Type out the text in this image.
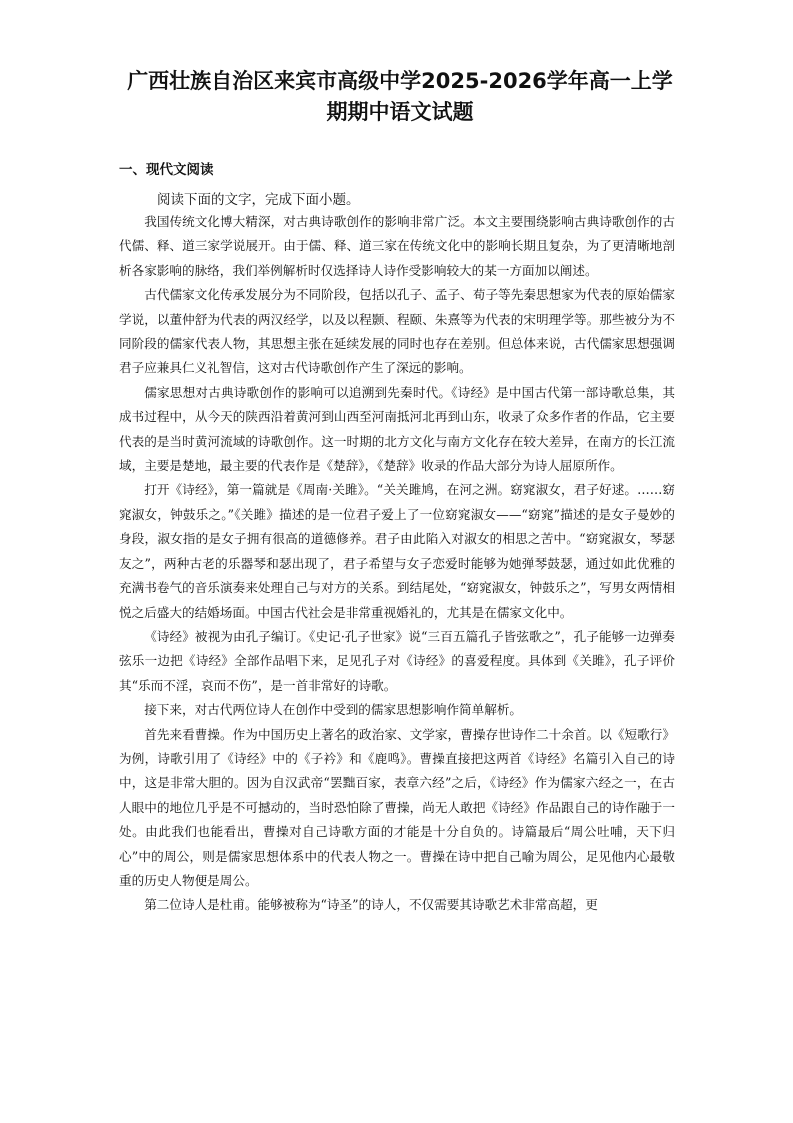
广西壮族自治区来宾市高级中学2025-2026学年高一上学
期期中语文试题
一、现代文阅读
阅读下面的文字，完成下面小题。

我国传统文化博大精深，对古典诗歌创作的影响非常广泛。本文主要围绕影响古典诗歌创作的古代儒、释、道三家学说展开。由于儒、释、道三家在传统文化中的影响长期且复杂，为了更清晰地剖析各家影响的脉络，我们举例解析时仅选择诗人诗作受影响较大的某一方面加以阐述。

古代儒家文化传承发展分为不同阶段，包括以孔子、孟子、荀子等先秦思想家为代表的原始儒家学说，以董仲舒为代表的两汉经学，以及以程颢、程颐、朱熹等为代表的宋明理学等。那些被分为不同阶段的儒家代表人物，其思想主张在延续发展的同时也存在差别。但总体来说，古代儒家思想强调君子应兼具仁义礼智信，这对古代诗歌创作产生了深远的影响。

儒家思想对古典诗歌创作的影响可以追溯到先秦时代。《诗经》是中国古代第一部诗歌总集，其成书过程中，从今天的陕西沿着黄河到山西至河南抵河北再到山东，收录了众多作者的作品，它主要代表的是当时黄河流域的诗歌创作。这一时期的北方文化与南方文化存在较大差异，在南方的长江流域，主要是楚地，最主要的代表作是《楚辞》，《楚辞》收录的作品大部分为诗人屈原所作。

打开《诗经》，第一篇就是《周南·关雎》。“关关雎鸠，在河之洲。窈窕淑女，君子好逑。……窈窕淑女，钟鼓乐之。”《关雎》描述的是一位君子爱上了一位窈窕淑女——“窈窕”描述的是女子曼妙的身段，淑女指的是女子拥有很高的道德修养。君子由此陷入对淑女的相思之苦中。“窈窕淑女，琴瑟友之”，两种古老的乐器琴和瑟出现了，君子希望与女子恋爱时能够为她弹琴鼓瑟，通过如此优雅的充满书卷气的音乐演奏来处理自己与对方的关系。到结尾处，“窈窕淑女，钟鼓乐之”，写男女两情相悦之后盛大的结婚场面。中国古代社会是非常重视婚礼的，尤其是在儒家文化中。

《诗经》被视为由孔子编订。《史记·孔子世家》说“三百五篇孔子皆弦歌之”，孔子能够一边弹奏弦乐一边把《诗经》全部作品唱下来，足见孔子对《诗经》的喜爱程度。具体到《关雎》，孔子评价其“乐而不淫，哀而不伤”，是一首非常好的诗歌。

接下来，对古代两位诗人在创作中受到的儒家思想影响作简单解析。

首先来看曹操。作为中国历史上著名的政治家、文学家，曹操存世诗作二十余首。以《短歌行》为例，诗歌引用了《诗经》中的《子衿》和《鹿鸣》。曹操直接把这两首《诗经》名篇引入自己的诗中，这是非常大胆的。因为自汉武帝“罢黜百家，表章六经”之后，《诗经》作为儒家六经之一，在古人眼中的地位几乎是不可撼动的，当时恐怕除了曹操，尚无人敢把《诗经》作品跟自己的诗作融于一处。由此我们也能看出，曹操对自己诗歌方面的才能是十分自负的。诗篇最后“周公吐哺，天下归心”中的周公，则是儒家思想体系中的代表人物之一。曹操在诗中把自己喻为周公，足见他内心最敬重的历史人物便是周公。

第二位诗人是杜甫。能够被称为“诗圣”的诗人，不仅需要其诗歌艺术非常高超，更
